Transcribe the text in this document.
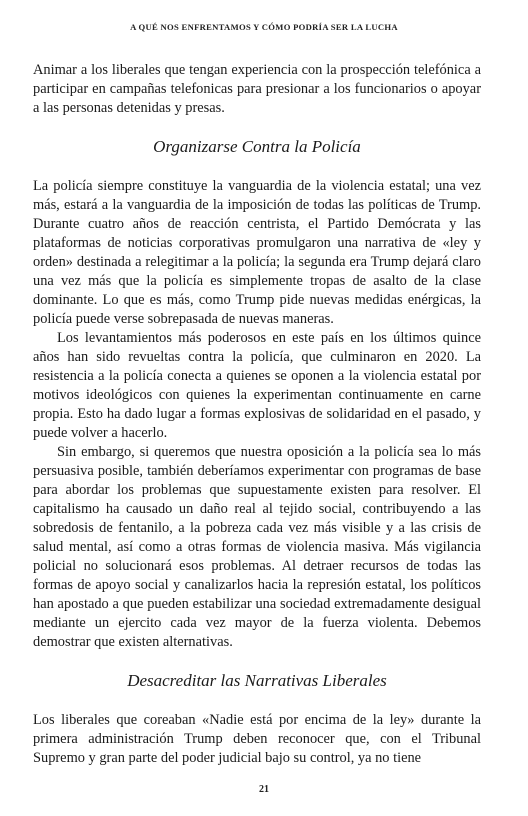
A QUÉ NOS ENFRENTAMOS Y CÓMO PODRÍA SER LA LUCHA

Animar a los liberales que tengan experiencia con la prospección telefónica a participar en campañas telefonicas para presionar a los funcionarios o apoyar a las personas detenidas y presas.

Organizarse Contra la Policía

La policía siempre constituye la vanguardia de la violencia estatal; una vez más, estará a la vanguardia de la imposición de todas las políticas de Trump. Durante cuatro años de reacción centrista, el Partido Demócrata y las plataformas de noticias corporativas promulgaron una narrativa de «ley y orden» destinada a relegitimar a la policía; la segunda era Trump dejará claro una vez más que la policía es simplemente tropas de asalto de la clase dominante. Lo que es más, como Trump pide nuevas medidas enérgicas, la policía puede verse sobrepasada de nuevas maneras.

Los levantamientos más poderosos en este país en los últimos quince años han sido revueltas contra la policía, que culminaron en 2020. La resistencia a la policía conecta a quienes se oponen a la violencia estatal por motivos ideológicos con quienes la experimentan continuamente en carne propia. Esto ha dado lugar a formas explosivas de solidaridad en el pasado, y puede volver a hacerlo.

Sin embargo, si queremos que nuestra oposición a la policía sea lo más persuasiva posible, también deberíamos experimentar con programas de base para abordar los problemas que supuestamente existen para resolver. El capitalismo ha causado un daño real al tejido social, contribuyendo a las sobredosis de fentanilo, a la pobreza cada vez más visible y a las crisis de salud mental, así como a otras formas de violencia masiva. Más vigilancia policial no solucionará esos problemas. Al detraer recursos de todas las formas de apoyo social y canalizarlos hacia la represión estatal, los políticos han apostado a que pueden estabilizar una sociedad extremadamente desigual mediante un ejercito cada vez mayor de la fuerza violenta. Debemos demostrar que existen alternativas.

Desacreditar las Narrativas Liberales

Los liberales que coreaban «Nadie está por encima de la ley» durante la primera administración Trump deben reconocer que, con el Tribunal Supremo y gran parte del poder judicial bajo su control, ya no tiene

21
